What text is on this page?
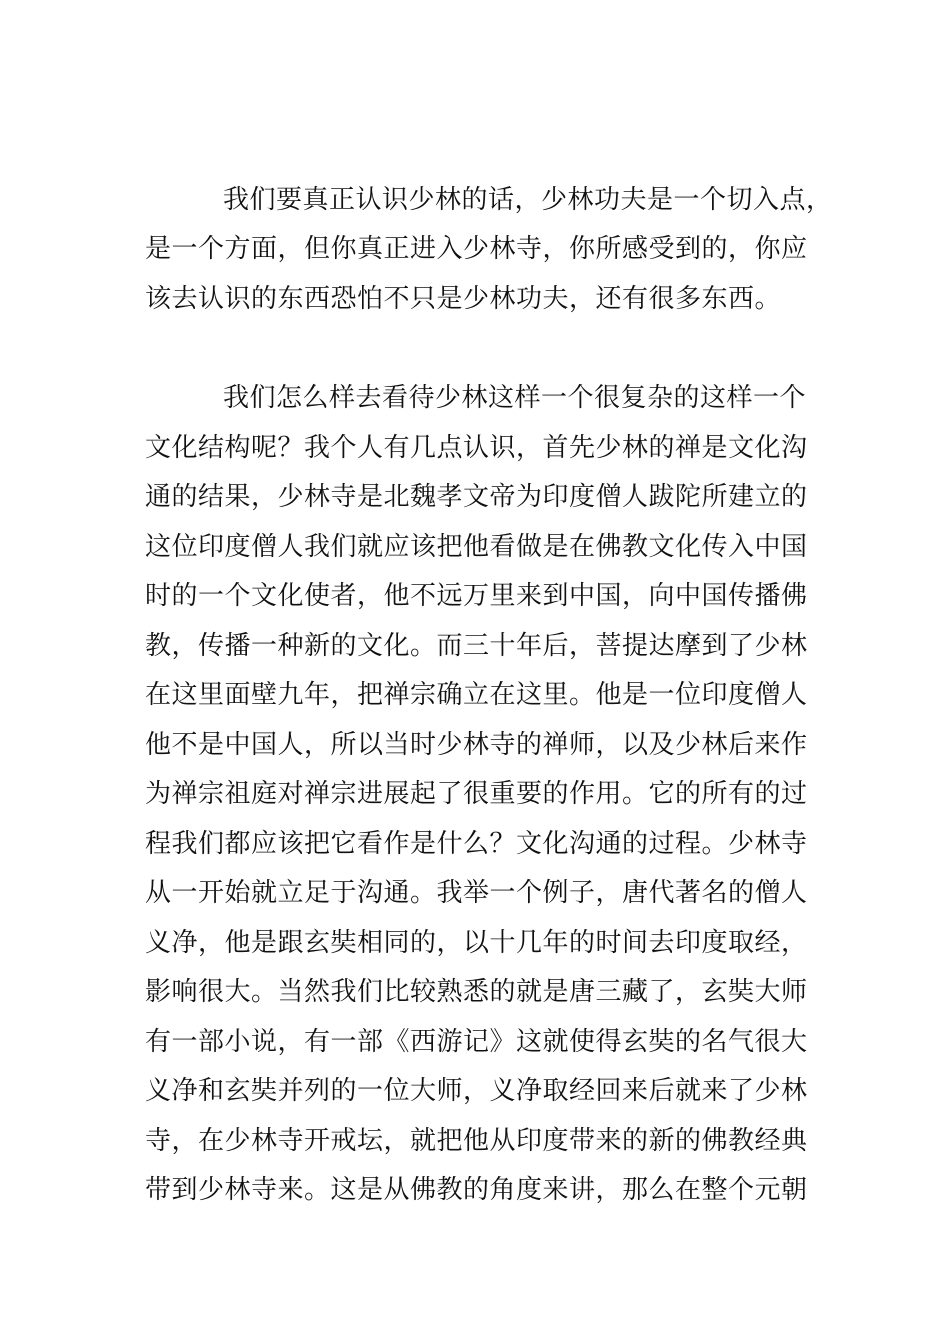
我们要真正认识少林的话，少林功夫是一个切入点，
是一个方面，但你真正进入少林寺，你所感受到的，你应
该去认识的东西恐怕不只是少林功夫，还有很多东西。
我们怎么样去看待少林这样一个很复杂的这样一个
文化结构呢？我个人有几点认识，首先少林的禅是文化沟
通的结果，少林寺是北魏孝文帝为印度僧人跋陀所建立的
这位印度僧人我们就应该把他看做是在佛教文化传入中国
时的一个文化使者，他不远万里来到中国，向中国传播佛
教，传播一种新的文化。而三十年后，菩提达摩到了少林
在这里面壁九年，把禅宗确立在这里。他是一位印度僧人
他不是中国人，所以当时少林寺的禅师，以及少林后来作
为禅宗祖庭对禅宗进展起了很重要的作用。它的所有的过
程我们都应该把它看作是什么？文化沟通的过程。少林寺
从一开始就立足于沟通。我举一个例子，唐代著名的僧人
义净，他是跟玄奘相同的，以十几年的时间去印度取经，
影响很大。当然我们比较熟悉的就是唐三藏了，玄奘大师
有一部小说，有一部《西游记》这就使得玄奘的名气很大
义净和玄奘并列的一位大师，义净取经回来后就来了少林
寺，在少林寺开戒坛，就把他从印度带来的新的佛教经典
带到少林寺来。这是从佛教的角度来讲，那么在整个元朝
